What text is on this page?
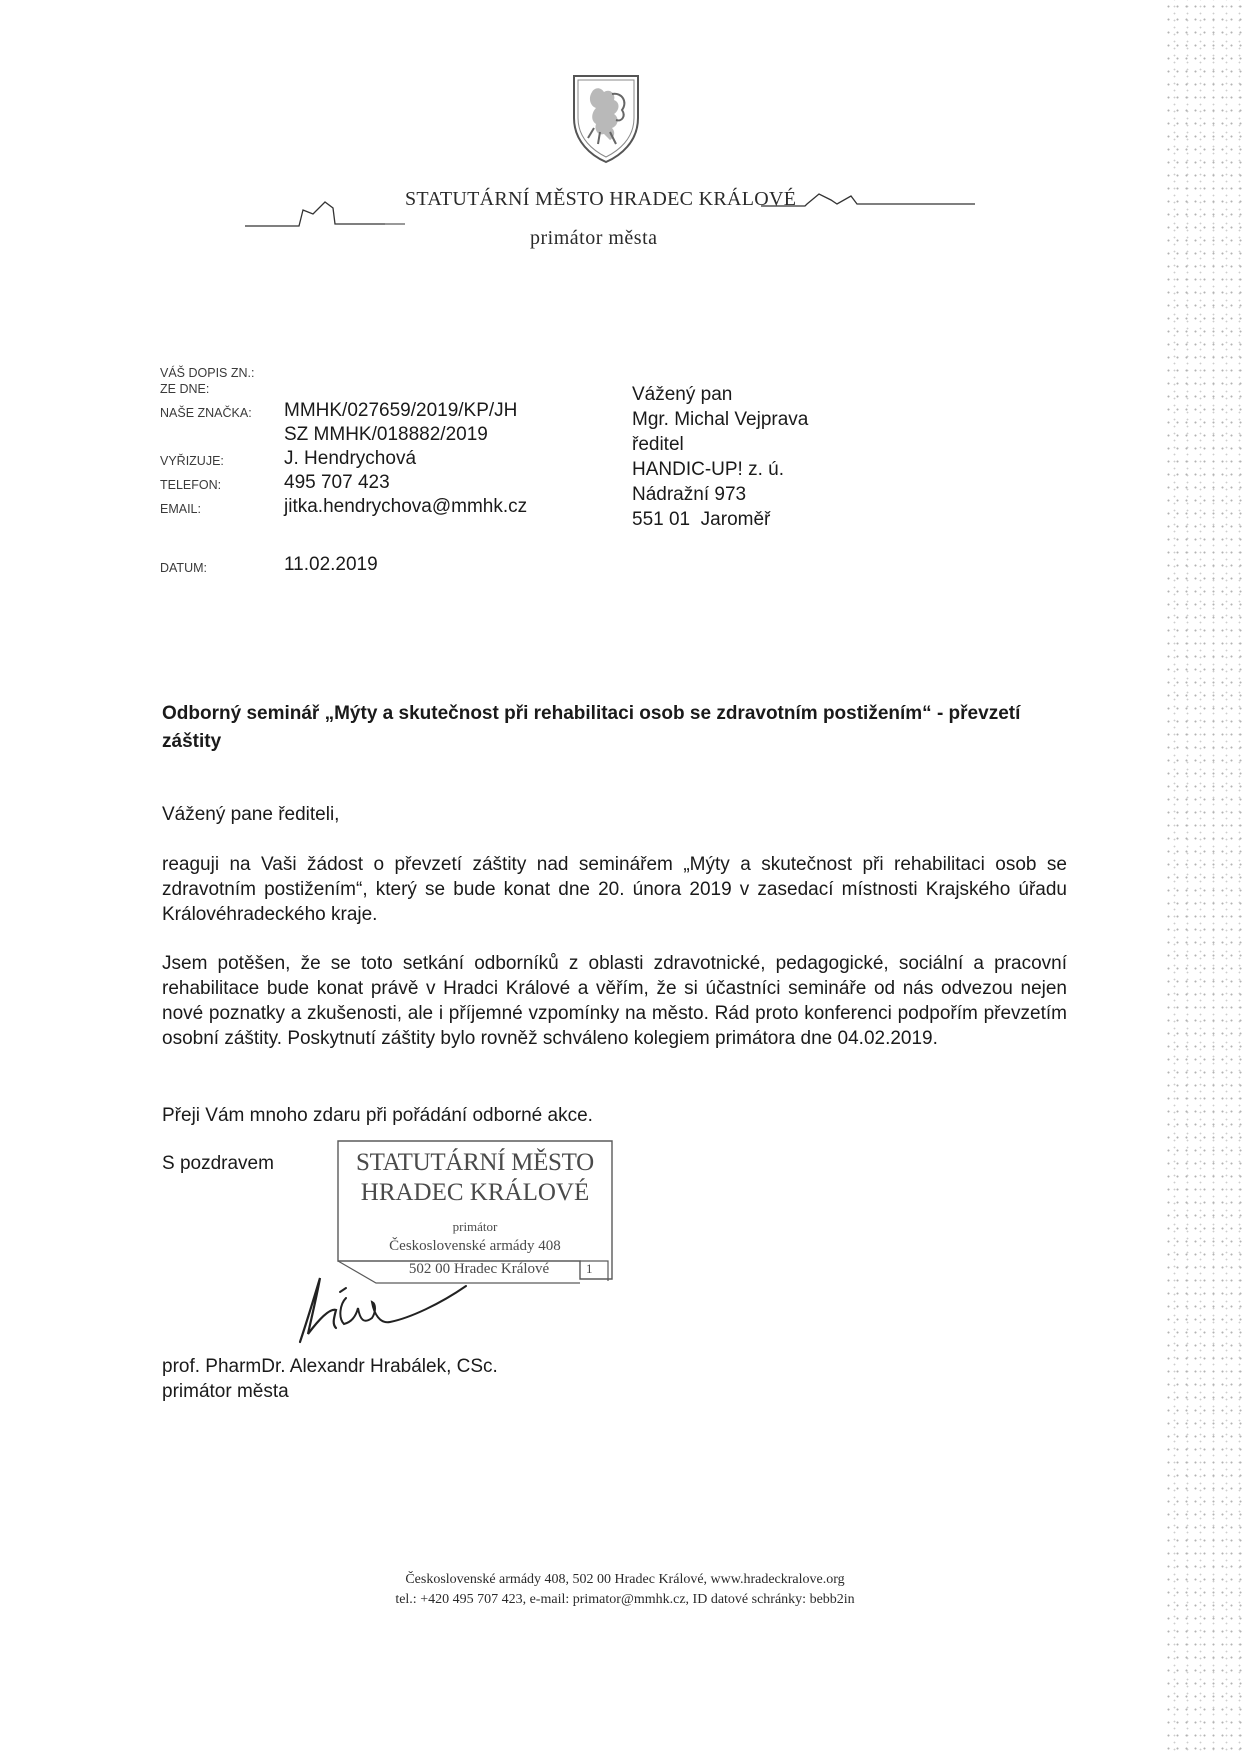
STATUTÁRNÍ MĚSTO HRADEC KRÁLOVÉ
primátor města
VÁŠ DOPIS ZN.:
ZE DNE:
NAŠE ZNAČKA: MMHK/027659/2019/KP/JH
SZ MMHK/018882/2019
VYŘIZUJE:	J. Hendrychová
TELEFON:	495 707 423
EMAIL:	jitka.hendrychova@mmhk.cz
DATUM:	11.02.2019
Vážený pan
Mgr. Michal Vejprava
ředitel
HANDIC-UP! z. ú.
Nádražní 973
551 01  Jaroměř
Odborný seminář „Mýty a skutečnost při rehabilitaci osob se zdravotním postižením“ - převzetí záštity
Vážený pane řediteli,
reaguji na Vaši žádost o převzetí záštity nad seminářem „Mýty a skutečnost při rehabilitaci osob se zdravotním postižením“, který se bude konat dne 20. února 2019 v zasedací místnosti Krajského úřadu Královéhradeckého kraje.
Jsem potěšen, že se toto setkání odborníků z oblasti zdravotnické, pedagogické, sociální a pracovní rehabilitace bude konat právě v Hradci Králové a věřím, že si účastníci semináře od nás odvezou nejen nové poznatky a zkušenosti, ale i příjemné vzpomínky na město. Rád proto konferenci podpořím převzetím osobní záštity. Poskytnutí záštity bylo rovněž schváleno kolegiem primátora dne 04.02.2019.
Přeji Vám mnoho zdaru při pořádání odborné akce.
S pozdravem	STATUTÁRNÍ MĚSTO
HRADEC KRÁLOVÉ
primátor
Československé armády 408
502 00 Hradec Králové	1
prof. PharmDr. Alexandr Hrabálek, CSc.
primátor města
Československé armády 408, 502 00 Hradec Králové, www.hradeckralove.org
tel.: +420 495 707 423, e-mail: primator@mmhk.cz, ID datové schránky: bebb2in
